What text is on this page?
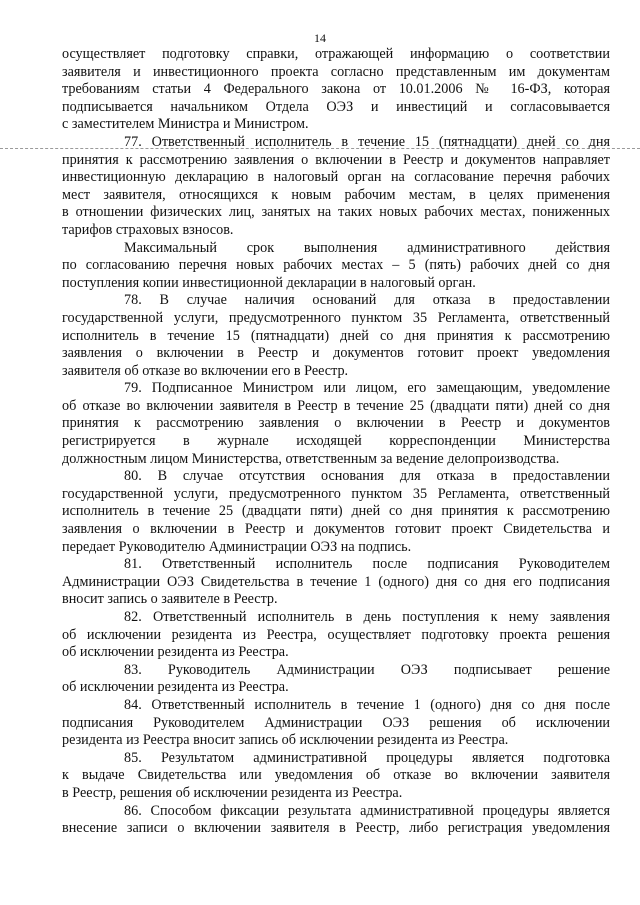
14
осуществляет подготовку справки, отражающей информацию о соответствии
заявителя и инвестиционного проекта согласно представленным им документам
требованиям статьи 4 Федерального закона от 10.01.2006 № 16-ФЗ, которая
подписывается начальником Отдела ОЭЗ и инвестиций и согласовывается
с заместителем Министра и Министром.
77. Ответственный исполнитель в течение 15 (пятнадцати) дней со дня
принятия к рассмотрению заявления о включении в Реестр и документов направляет
инвестиционную декларацию в налоговый орган на согласование перечня рабочих
мест заявителя, относящихся к новым рабочим местам, в целях применения
в отношении физических лиц, занятых на таких новых рабочих местах, пониженных
тарифов страховых взносов.
Максимальный срок выполнения административного действия
по согласованию перечня новых рабочих местах – 5 (пять) рабочих дней со дня
поступления копии инвестиционной декларации в налоговый орган.
78. В случае наличия оснований для отказа в предоставлении
государственной услуги, предусмотренного пунктом 35 Регламента, ответственный
исполнитель в течение 15 (пятнадцати) дней со дня принятия к рассмотрению
заявления о включении в Реестр и документов готовит проект уведомления
заявителя об отказе во включении его в Реестр.
79. Подписанное Министром или лицом, его замещающим, уведомление
об отказе во включении заявителя в Реестр в течение 25 (двадцати пяти) дней со дня
принятия к рассмотрению заявления о включении в Реестр и документов
регистрируется в журнале исходящей корреспонденции Министерства
должностным лицом Министерства, ответственным за ведение делопроизводства.
80. В случае отсутствия основания для отказа в предоставлении
государственной услуги, предусмотренного пунктом 35 Регламента, ответственный
исполнитель в течение 25 (двадцати пяти) дней со дня принятия к рассмотрению
заявления о включении в Реестр и документов готовит проект Свидетельства и
передает Руководителю Администрации ОЭЗ на подпись.
81. Ответственный исполнитель после подписания Руководителем
Администрации ОЭЗ Свидетельства в течение 1 (одного) дня со дня его подписания
вносит запись о заявителе в Реестр.
82. Ответственный исполнитель в день поступления к нему заявления
об исключении резидента из Реестра, осуществляет подготовку проекта решения
об исключении резидента из Реестра.
83. Руководитель Администрации ОЭЗ подписывает решение
об исключении резидента из Реестра.
84. Ответственный исполнитель в течение 1 (одного) дня со дня после
подписания Руководителем Администрации ОЭЗ решения об исключении
резидента из Реестра вносит запись об исключении резидента из Реестра.
85. Результатом административной процедуры является подготовка
к выдаче Свидетельства или уведомления об отказе во включении заявителя
в Реестр, решения об исключении резидента из Реестра.
86. Способом фиксации результата административной процедуры является
внесение записи о включении заявителя в Реестр, либо регистрация уведомления
